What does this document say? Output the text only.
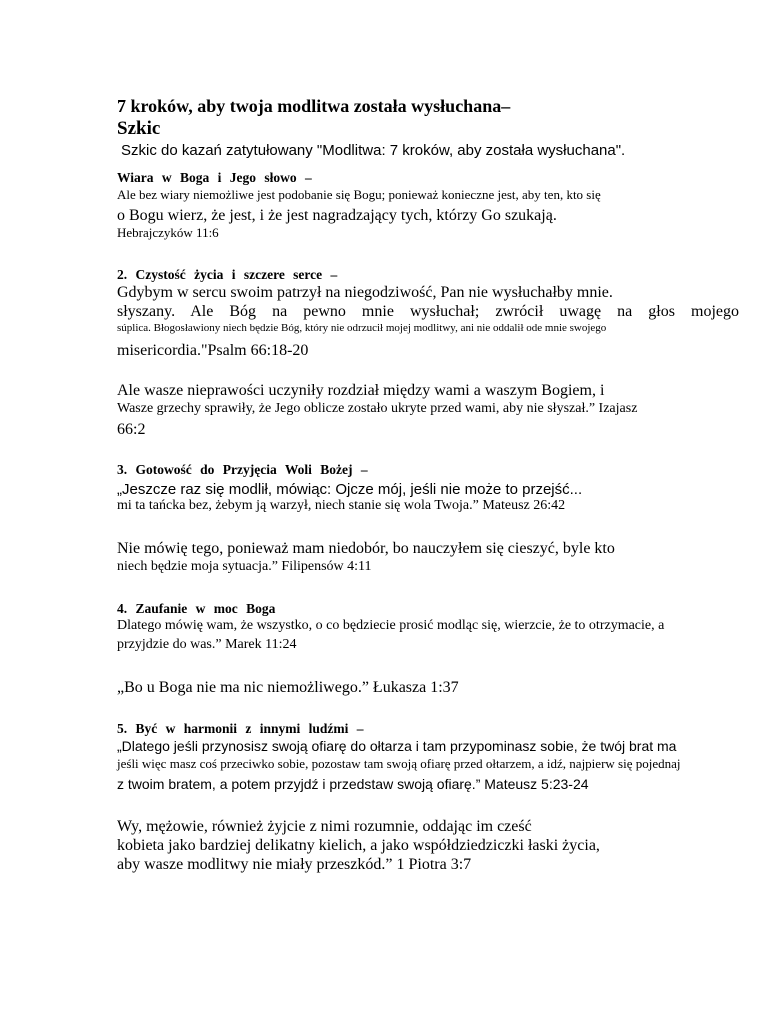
7 kroków, aby twoja modlitwa została wysłuchana–
Szkic
Szkic do kazań zatytułowany "Modlitwa: 7 kroków, aby została wysłuchana".
Wiara w Boga i Jego słowo –
Ale bez wiary niemożliwe jest podobanie się Bogu; ponieważ konieczne jest, aby ten, kto się
o Bogu wierz, że jest, i że jest nagradzający tych, którzy Go szukają.
Hebrajczyków 11:6
2. Czystość życia i szczere serce –
Gdybym w sercu swoim patrzył na niegodziwość, Pan nie wysłuchałby mnie.
słyszany. Ale Bóg na pewno mnie wysłuchał; zwrócił uwagę na głos mojego
súplica. Błogosławiony niech będzie Bóg, który nie odrzucił mojej modlitwy, ani nie oddalił ode mnie swojego
misericordia."Psalm 66:18-20
Ale wasze nieprawości uczyniły rozdział między wami a waszym Bogiem, i
Wasze grzechy sprawiły, że Jego oblicze zostało ukryte przed wami, aby nie słyszał.” Izajasz
66:2
3. Gotowość do Przyjęcia Woli Bożej –
„Jeszcze raz się modlił, mówiąc: Ojcze mój, jeśli nie może to przejść...
mi ta tańcka bez, żebym ją warzył, niech stanie się wola Twoja.” Mateusz 26:42
Nie mówię tego, ponieważ mam niedobór, bo nauczyłem się cieszyć, byle kto
niech będzie moja sytuacja.” Filipensów 4:11
4. Zaufanie w moc Boga
Dlatego mówię wam, że wszystko, o co będziecie prosić modląc się, wierzcie, że to otrzymacie, a
przyjdzie do was.” Marek 11:24
„Bo u Boga nie ma nic niemożliwego.” Łukasza 1:37
5. Być w harmonii z innymi ludźmi –
„Dlatego jeśli przynosisz swoją ofiarę do ołtarza i tam przypominasz sobie, że twój brat ma
jeśli więc masz coś przeciwko sobie, pozostaw tam swoją ofiarę przed ołtarzem, a idź, najpierw się pojednaj
z twoim bratem, a potem przyjdź i przedstaw swoją ofiarę.” Mateusz 5:23-24
Wy, mężowie, również żyjcie z nimi rozumnie, oddając im cześć
kobieta jako bardziej delikatny kielich, a jako współdziedziczki łaski życia,
aby wasze modlitwy nie miały przeszkód.” 1 Piotra 3:7
